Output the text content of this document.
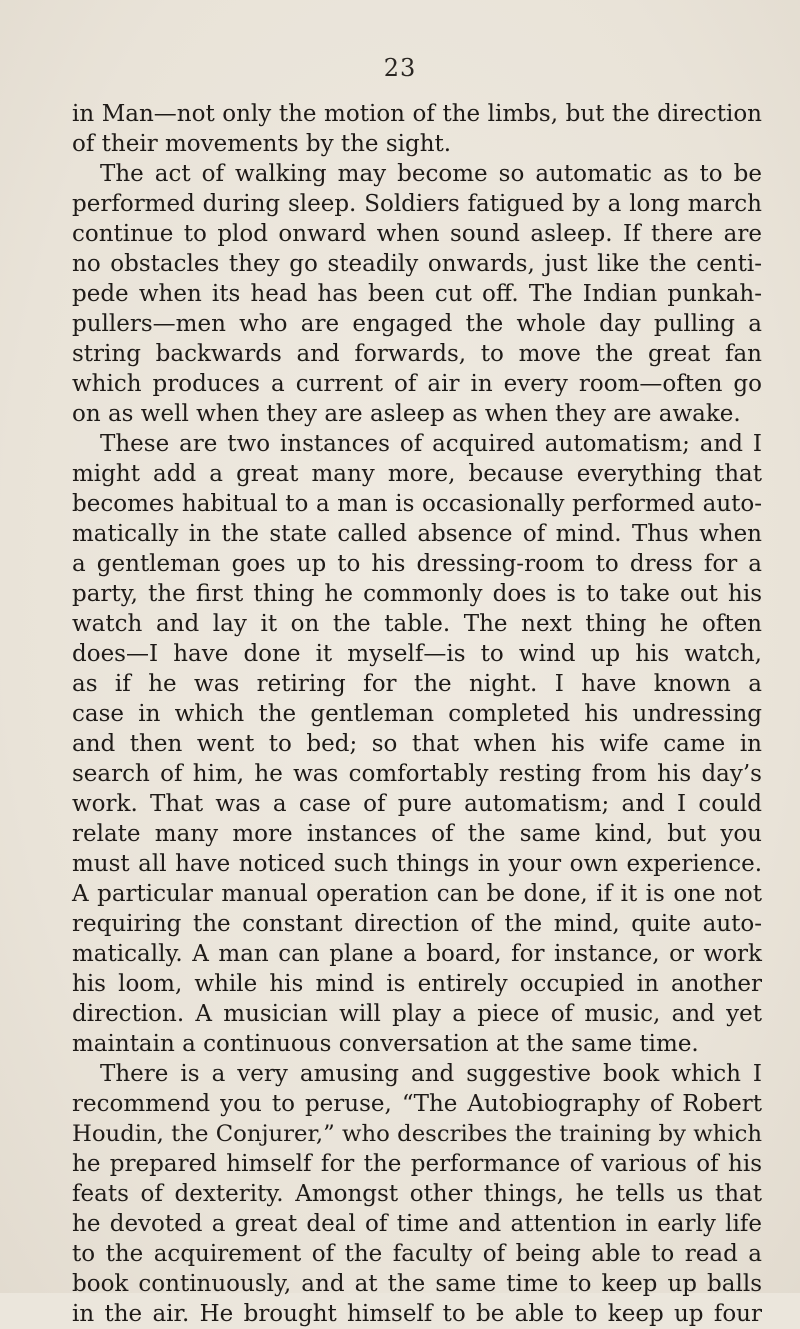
23
in Man—not only the motion of the limbs, but the direction
of their movements by the sight.
The act of walking may become so automatic as to be
performed during sleep. Soldiers fatigued by a long march
continue to plod onward when sound asleep. If there are
no obstacles they go steadily onwards, just like the centi-
pede when its head has been cut off. The Indian punkah-
pullers—men who are engaged the whole day pulling a
string backwards and forwards, to move the great fan
which produces a current of air in every room—often go
on as well when they are asleep as when they are awake.
These are two instances of acquired automatism; and I
might add a great many more, because everything that
becomes habitual to a man is occasionally performed auto-
matically in the state called absence of mind. Thus when
a gentleman goes up to his dressing-room to dress for a
party, the first thing he commonly does is to take out his
watch and lay it on the table. The next thing he often
does—I have done it myself—is to wind up his watch,
as if he was retiring for the night. I have known a
case in which the gentleman completed his undressing
and then went to bed; so that when his wife came in
search of him, he was comfortably resting from his day’s
work. That was a case of pure automatism; and I could
relate many more instances of the same kind, but you
must all have noticed such things in your own experience.
A particular manual operation can be done, if it is one not
requiring the constant direction of the mind, quite auto-
matically. A man can plane a board, for instance, or work
his loom, while his mind is entirely occupied in another
direction. A musician will play a piece of music, and yet
maintain a continuous conversation at the same time.
There is a very amusing and suggestive book which I
recommend you to peruse, “The Autobiography of Robert
Houdin, the Conjurer,” who describes the training by which
he prepared himself for the performance of various of his
feats of dexterity. Amongst other things, he tells us that
he devoted a great deal of time and attention in early life
to the acquirement of the faculty of being able to read a
book continuously, and at the same time to keep up balls
in the air. He brought himself to be able to keep up four
